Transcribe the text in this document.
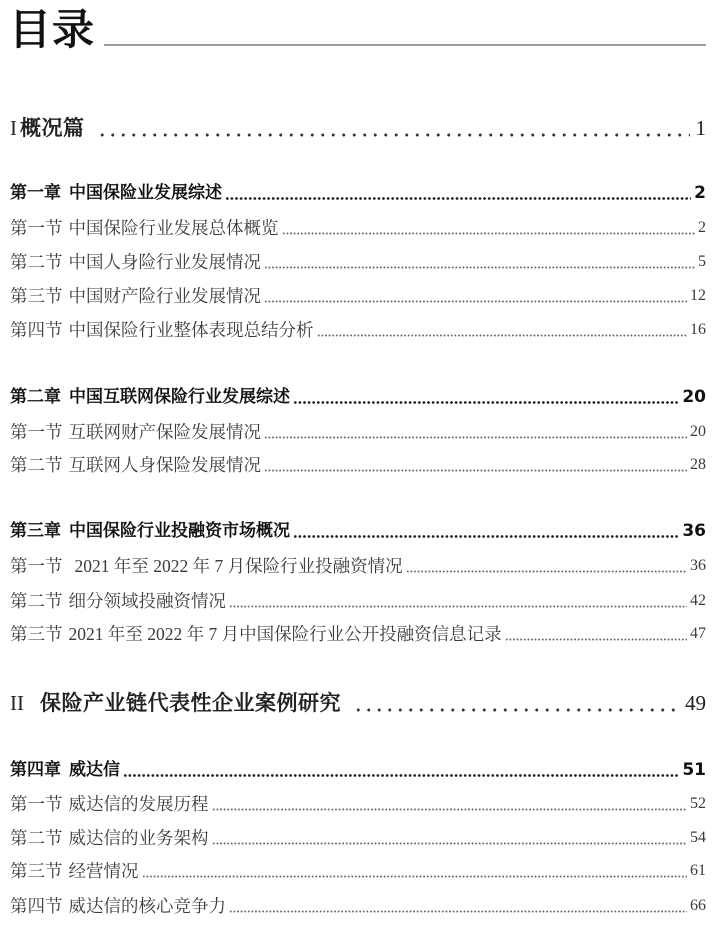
目录
I 概况篇	1
第一章 中国保险业发展综述	2
第一节 中国保险行业发展总体概览	2
第二节 中国人身险行业发展情况	5
第三节 中国财产险行业发展情况	12
第四节 中国保险行业整体表现总结分析	16
第二章 中国互联网保险行业发展综述	20
第一节 互联网财产保险发展情况	20
第二节 互联网人身保险发展情况	28
第三章 中国保险行业投融资市场概况	36
第一节 2021 年至 2022 年 7 月保险行业投融资情况	36
第二节 细分领域投融资情况	42
第三节 2021 年至 2022 年 7 月中国保险行业公开投融资信息记录	47
II 保险产业链代表性企业案例研究	49
第四章 威达信	51
第一节 威达信的发展历程	52
第二节 威达信的业务架构	54
第三节 经营情况	61
第四节 威达信的核心竞争力	66
